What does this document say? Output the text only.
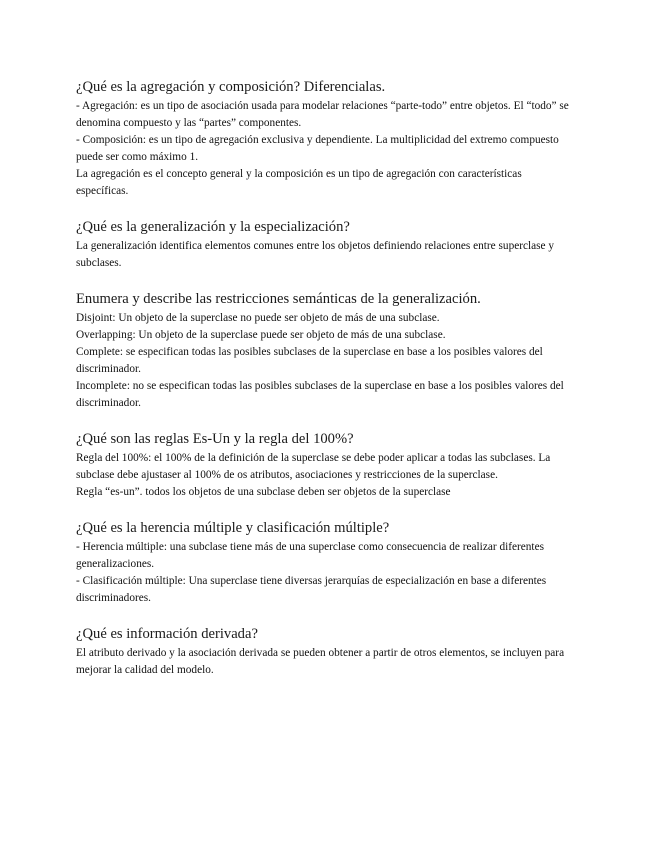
¿Qué es la agregación y composición? Diferencialas.

- Agregación: es un tipo de asociación usada para modelar relaciones “parte-todo” entre objetos. El “todo” se denomina compuesto y las “partes” componentes.

- Composición: es un tipo de agregación exclusiva y dependiente. La multiplicidad del extremo compuesto puede ser como máximo 1.

La agregación es el concepto general y la composición es un tipo de agregación con características específicas.

¿Qué es la generalización y la especialización?

La generalización identifica elementos comunes entre los objetos definiendo relaciones entre superclase y subclases.

Enumera y describe las restricciones semánticas de la generalización.

Disjoint: Un objeto de la superclase no puede ser objeto de más de una subclase.

Overlapping: Un objeto de la superclase puede ser objeto de más de una subclase.

Complete: se especifican todas las posibles subclases de la superclase en base a los posibles valores del discriminador.

Incomplete: no se especifican todas las posibles subclases de la superclase en base a los posibles valores del discriminador.

¿Qué son las reglas Es-Un y la regla del 100%?

Regla del 100%: el 100% de la definición de la superclase se debe poder aplicar a todas las subclases. La subclase debe ajustaser al 100% de os atributos, asociaciones y restricciones de la superclase.

Regla “es-un”. todos los objetos de una subclase deben ser objetos de la superclase

¿Qué es la herencia múltiple y clasificación múltiple?

- Herencia múltiple: una subclase tiene más de una superclase como consecuencia de realizar diferentes generalizaciones.

- Clasificación múltiple: Una superclase tiene diversas jerarquías de especialización en base a diferentes discriminadores.

¿Qué es información derivada?

El atributo derivado y la asociación derivada se pueden obtener a partir de otros elementos, se incluyen para mejorar la calidad del modelo.
